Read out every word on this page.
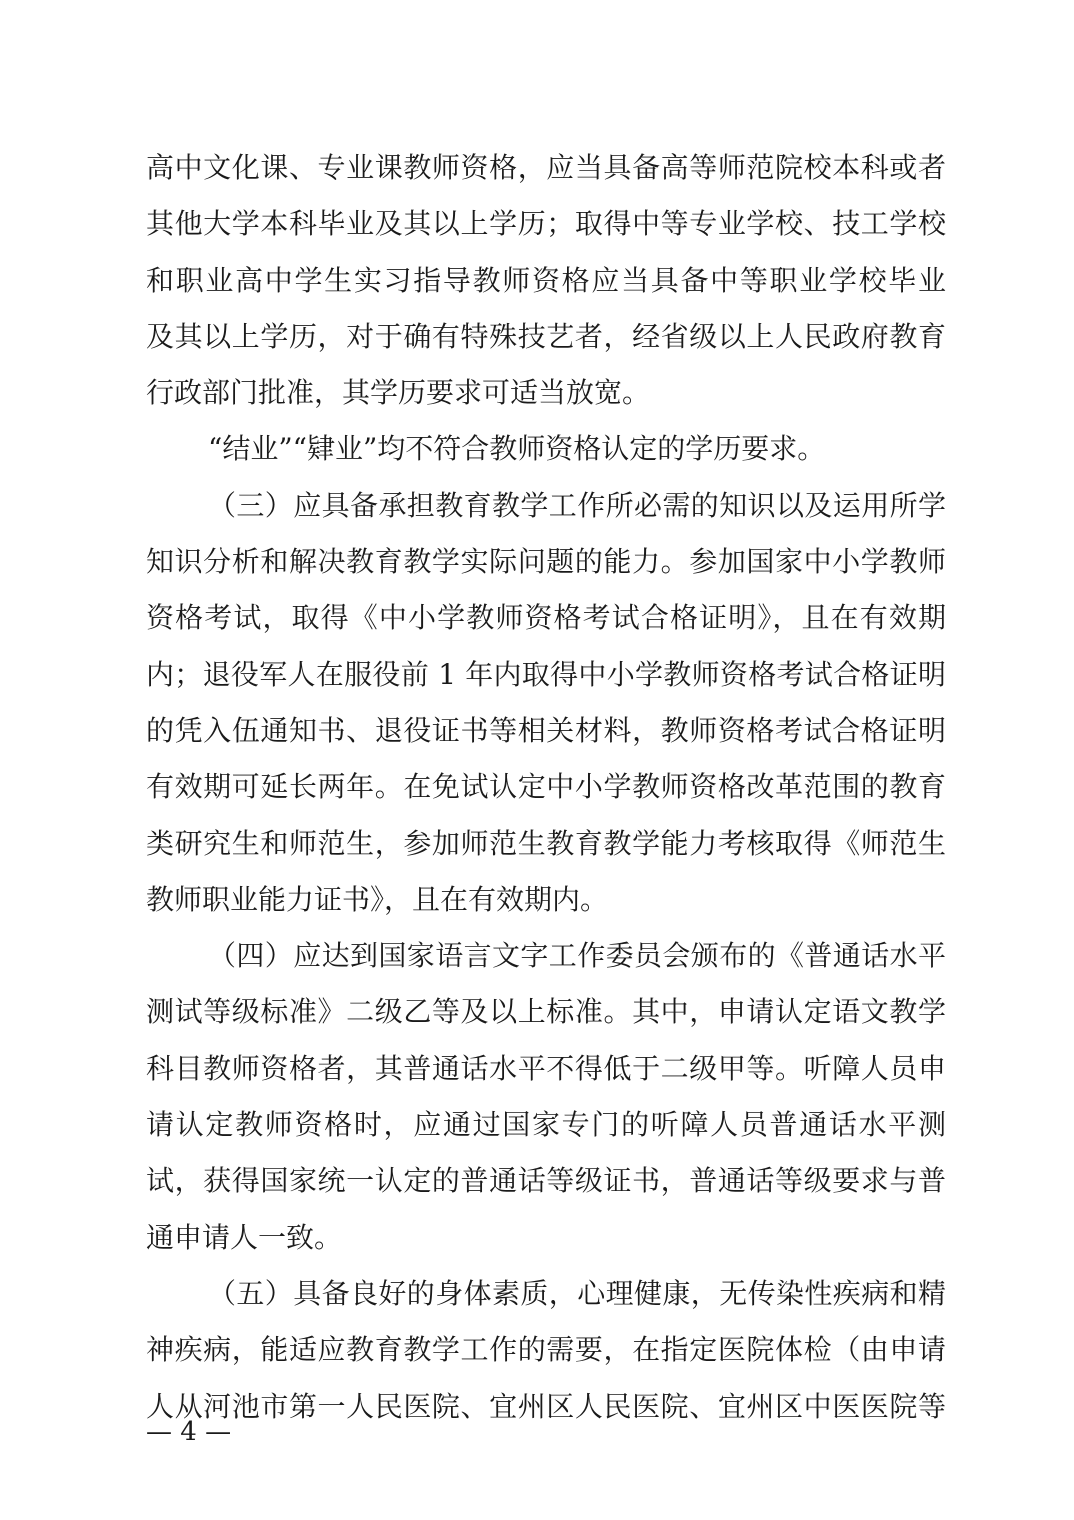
高中文化课、专业课教师资格，应当具备高等师范院校本科或者
其他大学本科毕业及其以上学历；取得中等专业学校、技工学校
和职业高中学生实习指导教师资格应当具备中等职业学校毕业
及其以上学历，对于确有特殊技艺者，经省级以上人民政府教育
行政部门批准，其学历要求可适当放宽。
“结业”“肄业”均不符合教师资格认定的学历要求。
（三）应具备承担教育教学工作所必需的知识以及运用所学
知识分析和解决教育教学实际问题的能力。参加国家中小学教师
资格考试，取得《中小学教师资格考试合格证明》，且在有效期
内；退役军人在服役前 1 年内取得中小学教师资格考试合格证明
的凭入伍通知书、退役证书等相关材料，教师资格考试合格证明
有效期可延长两年。在免试认定中小学教师资格改革范围的教育
类研究生和师范生，参加师范生教育教学能力考核取得《师范生
教师职业能力证书》，且在有效期内。
（四）应达到国家语言文字工作委员会颁布的《普通话水平
测试等级标准》二级乙等及以上标准。其中，申请认定语文教学
科目教师资格者，其普通话水平不得低于二级甲等。听障人员申
请认定教师资格时，应通过国家专门的听障人员普通话水平测
试，获得国家统一认定的普通话等级证书，普通话等级要求与普
通申请人一致。
（五）具备良好的身体素质，心理健康，无传染性疾病和精
神疾病，能适应教育教学工作的需要，在指定医院体检（由申请
人从河池市第一人民医院、宜州区人民医院、宜州区中医医院等
— 4 —
